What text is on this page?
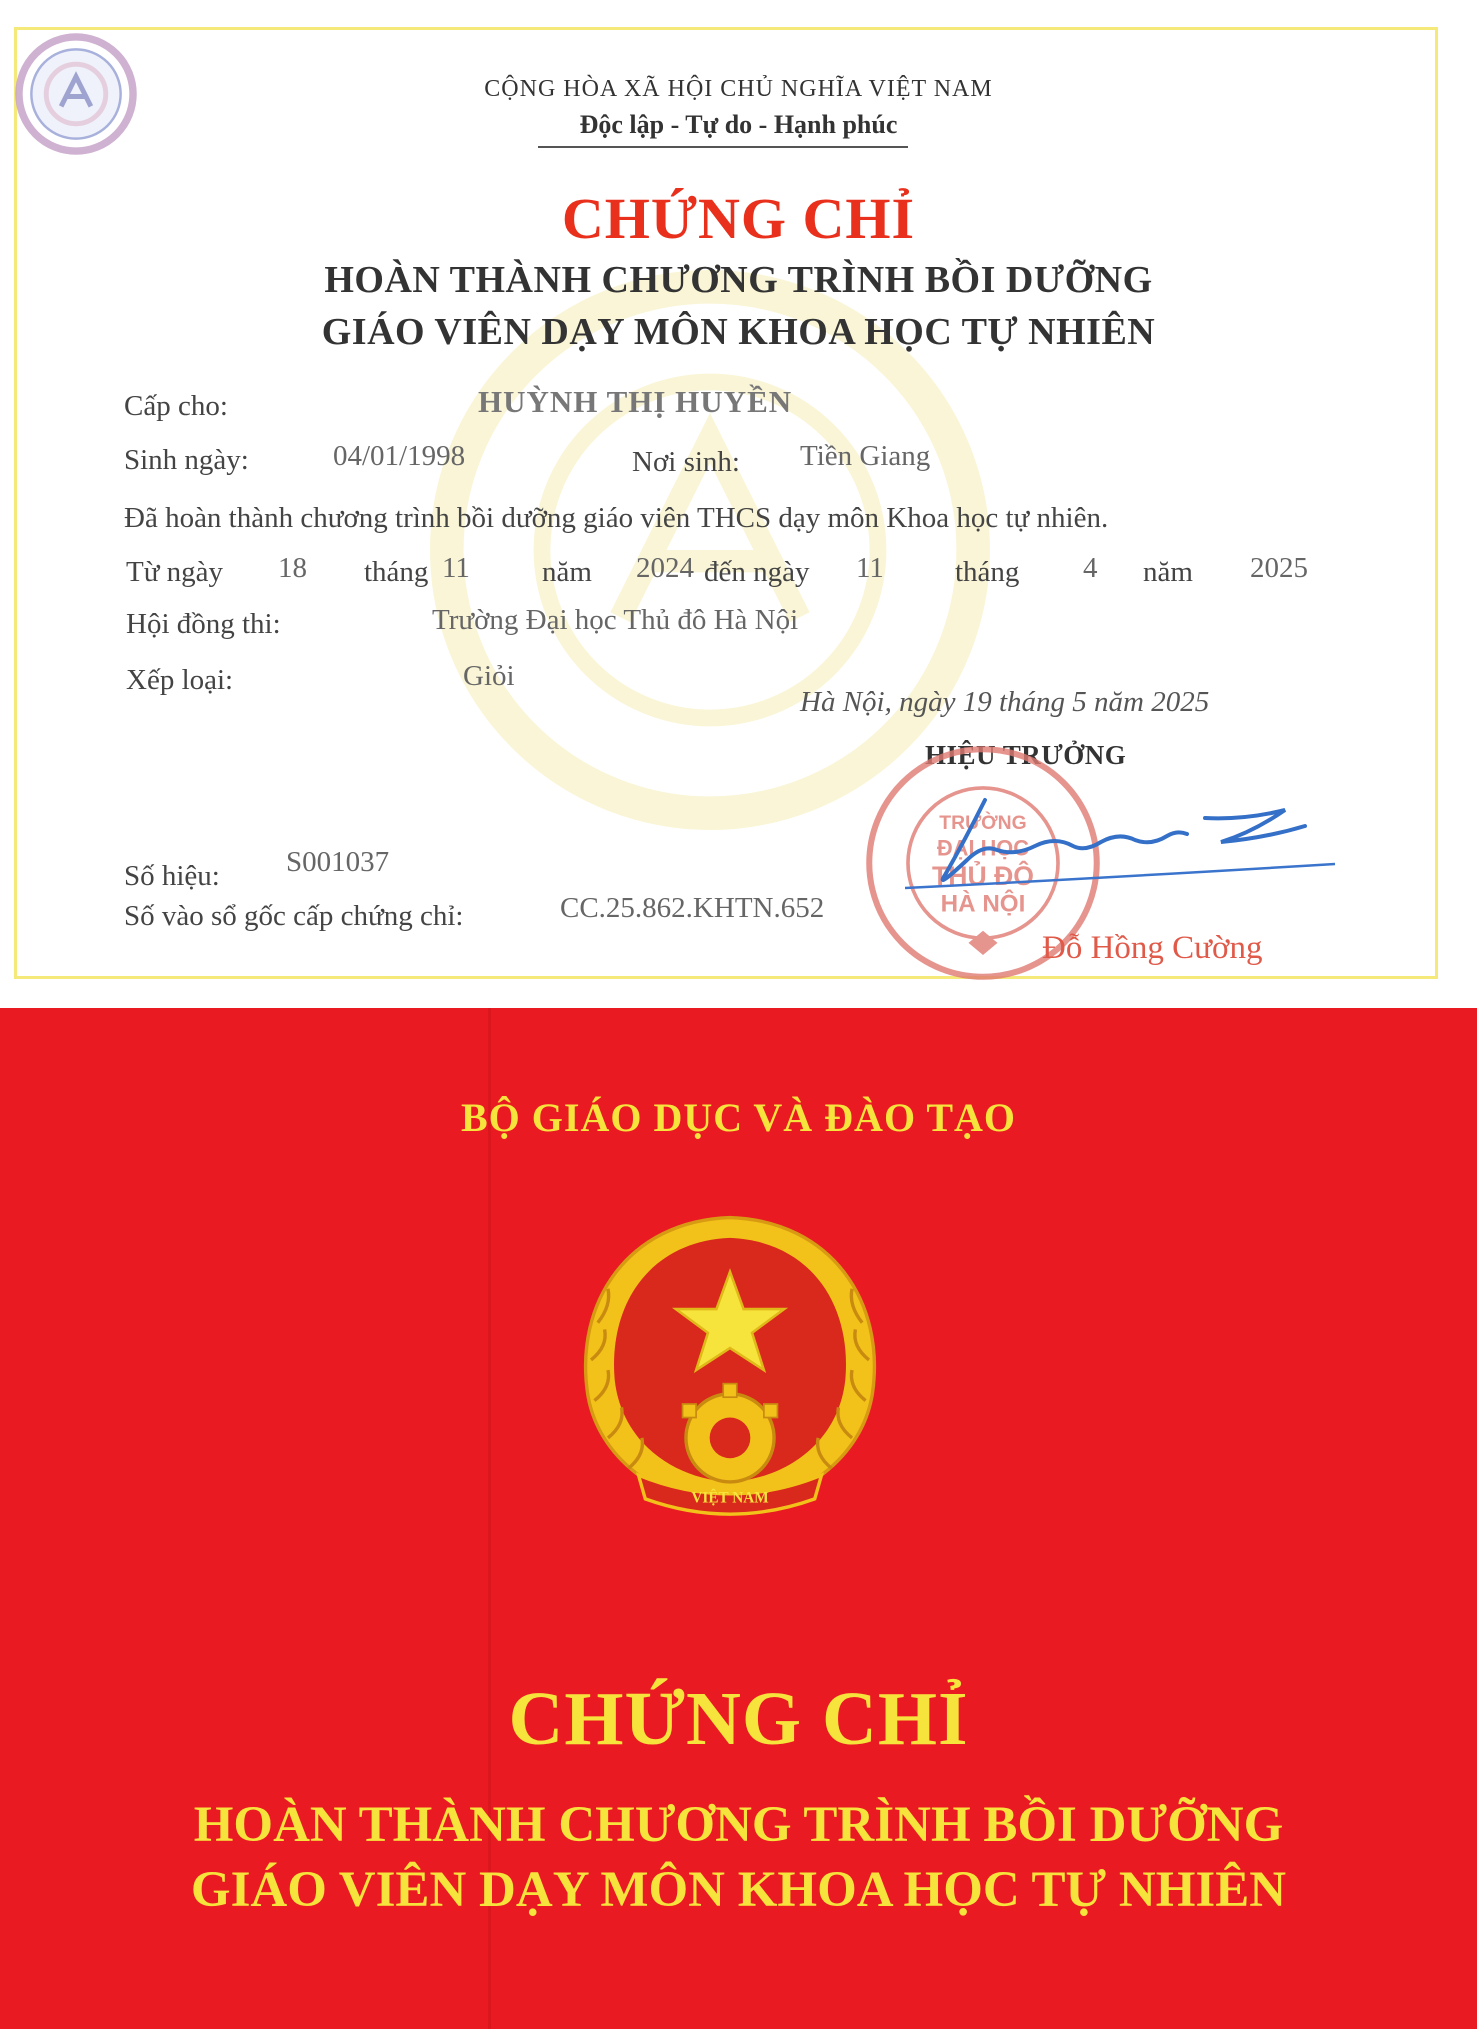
CỘNG HÒA XÃ HỘI CHỦ NGHĨA VIỆT NAM
Độc lập - Tự do - Hạnh phúc
CHỨNG CHỈ
HOÀN THÀNH CHƯƠNG TRÌNH BỒI DƯỠNG
GIÁO VIÊN DẠY MÔN KHOA HỌC TỰ NHIÊN
Cấp cho:	HUỲNH THỊ HUYỀN
Sinh ngày:	04/01/1998	Nơi sinh: Tiền Giang
Đã hoàn thành chương trình bồi dưỡng giáo viên THCS dạy môn Khoa học tự nhiên.
Từ ngày 18 tháng 11 năm 2024 đến ngày 11 tháng 4 năm 2025
Hội đồng thi:	Trường Đại học Thủ đô Hà Nội
Xếp loại:	Giỏi
Hà Nội, ngày 19 tháng 5 năm 2025
HIỆU TRƯỞNG
TRƯỜNG
ĐẠI HỌC
THỦ ĐÔ
HÀ NỘI
Số hiệu: S001037
Số vào sổ gốc cấp chứng chỉ:	CC.25.862.KHTN.652
Đỗ Hồng Cường
BỘ GIÁO DỤC VÀ ĐÀO TẠO
VIỆT NAM
CHỨNG CHỈ
HOÀN THÀNH CHƯƠNG TRÌNH BỒI DƯỠNG
GIÁO VIÊN DẠY MÔN KHOA HỌC TỰ NHIÊN
